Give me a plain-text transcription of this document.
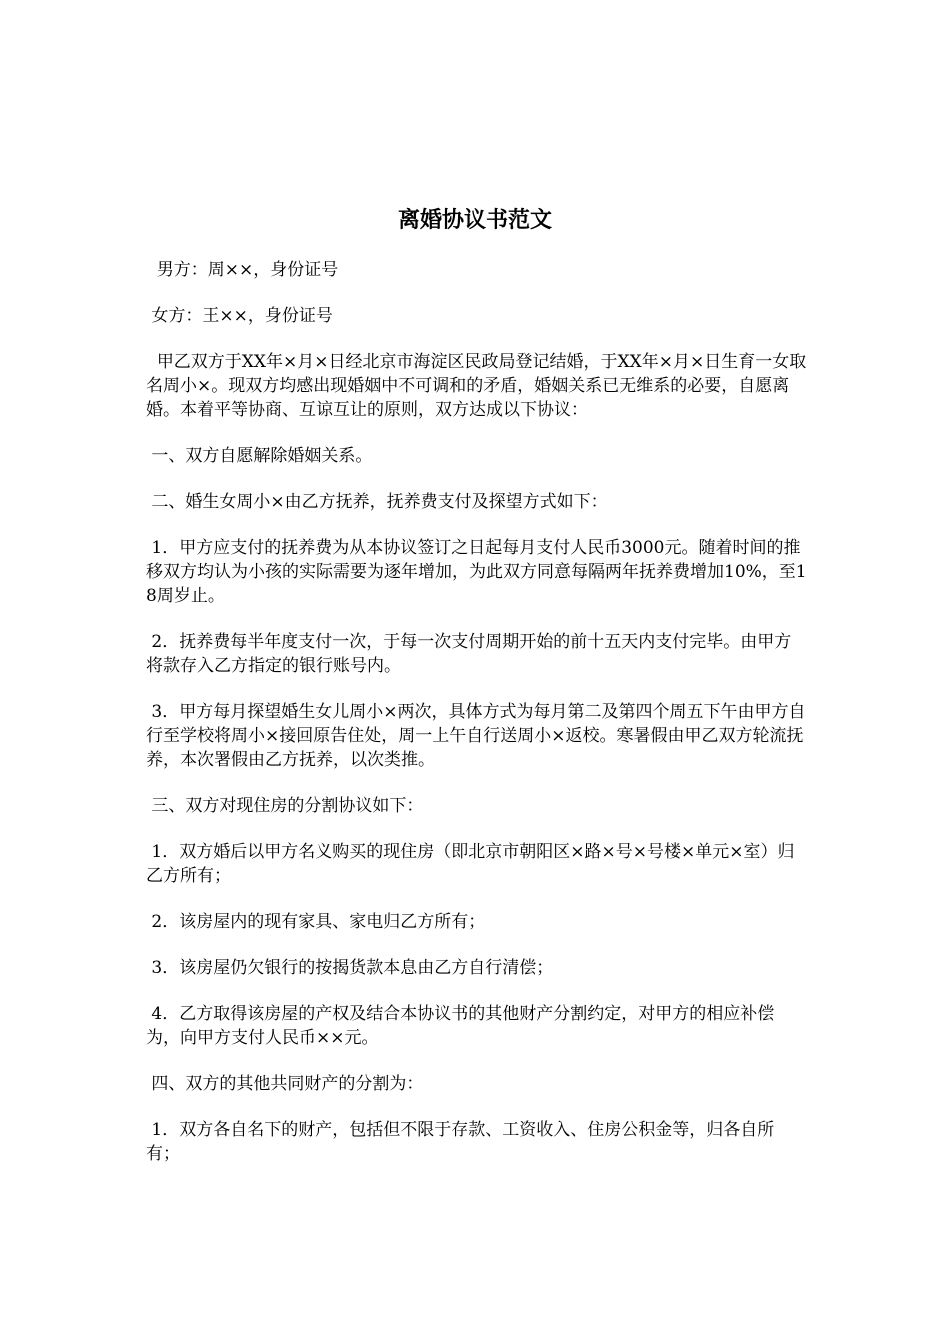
离婚协议书范文

男方：周××，身份证号

女方：王××，身份证号

甲乙双方于XX年×月×日经北京市海淀区民政局登记结婚，于XX年×月×日生育一女取名周小×。现双方均感出现婚姻中不可调和的矛盾，婚姻关系已无维系的必要，自愿离婚。本着平等协商、互谅互让的原则，双方达成以下协议：

一、双方自愿解除婚姻关系。

二、婚生女周小×由乙方抚养，抚养费支付及探望方式如下：

1．甲方应支付的抚养费为从本协议签订之日起每月支付人民币3000元。随着时间的推移双方均认为小孩的实际需要为逐年增加，为此双方同意每隔两年抚养费增加10%，至18周岁止。

2．抚养费每半年度支付一次，于每一次支付周期开始的前十五天内支付完毕。由甲方将款存入乙方指定的银行账号内。

3．甲方每月探望婚生女儿周小×两次，具体方式为每月第二及第四个周五下午由甲方自行至学校将周小×接回原告住处，周一上午自行送周小×返校。寒暑假由甲乙双方轮流抚养，本次署假由乙方抚养，以次类推。

三、双方对现住房的分割协议如下：

1．双方婚后以甲方名义购买的现住房（即北京市朝阳区×路×号×号楼×单元×室）归乙方所有；

2．该房屋内的现有家具、家电归乙方所有；

3．该房屋仍欠银行的按揭货款本息由乙方自行清偿；

4．乙方取得该房屋的产权及结合本协议书的其他财产分割约定，对甲方的相应补偿为，向甲方支付人民币××元。

四、双方的其他共同财产的分割为：

1．双方各自名下的财产，包括但不限于存款、工资收入、住房公积金等，归各自所有；
